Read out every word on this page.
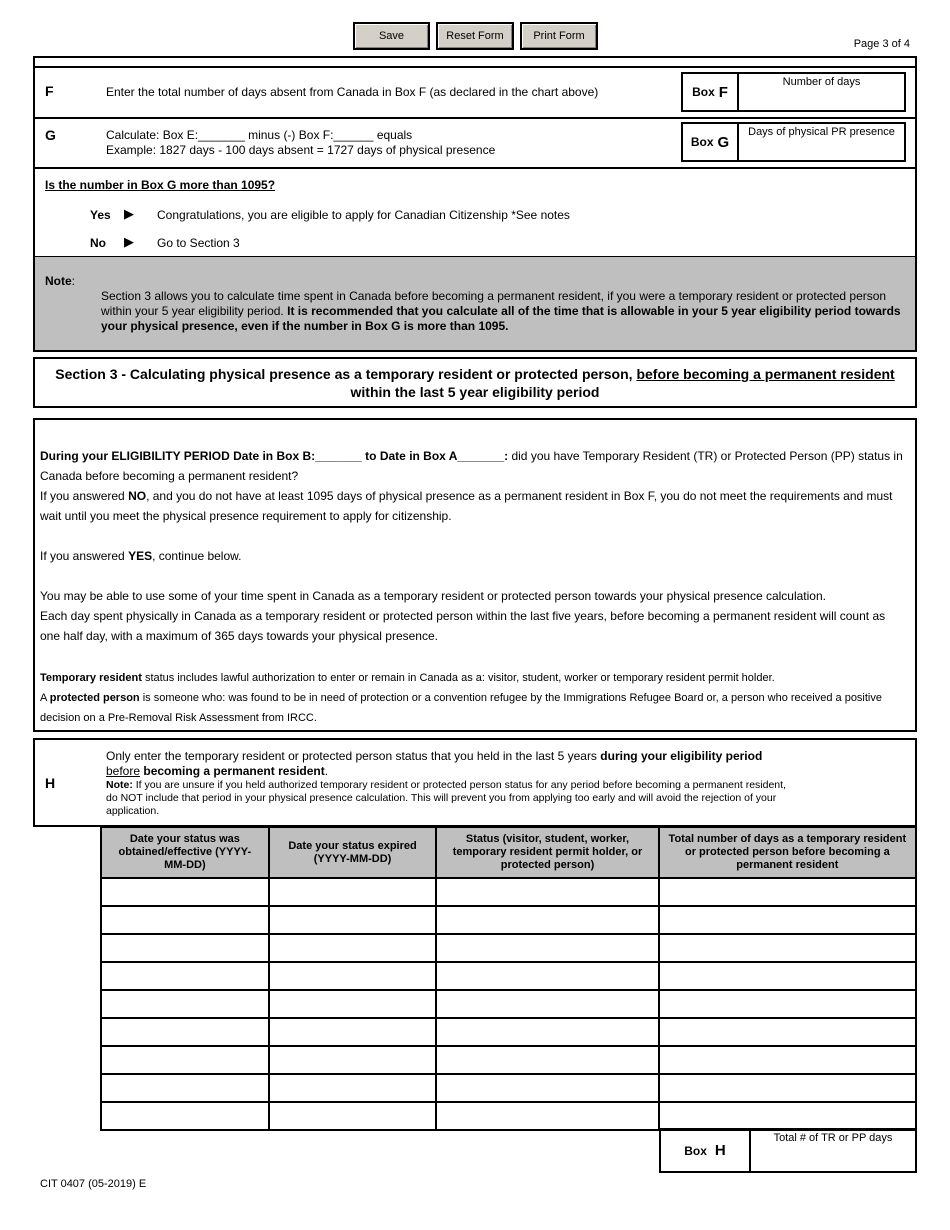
Save	Reset Form	Print Form
Page 3 of 4
F	Enter the total number of days absent from Canada in Box F (as declared in the chart above)	Box F
Number of days
G	Calculate: Box E:_______ minus (-) Box F:______ equals
Example: 1827 days - 100 days absent = 1727 days of physical presence
Box G
Days of physical PR presence
Is the number in Box G more than 1095?
Yes ▶ Congratulations, you are eligible to apply for Canadian Citizenship *See notes
No ▶ Go to Section 3
Note:
Section 3 allows you to calculate time spent in Canada before becoming a permanent resident, if you were a temporary resident or protected person within your 5 year eligibility period. It is recommended that you calculate all of the time that is allowable in your 5 year eligibility period towards your physical presence, even if the number in Box G is more than 1095.
Section 3 - Calculating physical presence as a temporary resident or protected person, before becoming a permanent resident
within the last 5 year eligibility period
During your ELIGIBILITY PERIOD Date in Box B:_______ to Date in Box A_______: did you have Temporary Resident (TR) or Protected Person (PP) status in Canada before becoming a permanent resident?
If you answered NO, and you do not have at least 1095 days of physical presence as a permanent resident in Box F, you do not meet the requirements and must wait until you meet the physical presence requirement to apply for citizenship.
If you answered YES, continue below.
You may be able to use some of your time spent in Canada as a temporary resident or protected person towards your physical presence calculation.
Each day spent physically in Canada as a temporary resident or protected person within the last five years, before becoming a permanent resident will count as one half day, with a maximum of 365 days towards your physical presence.
Temporary resident status includes lawful authorization to enter or remain in Canada as a: visitor, student, worker or temporary resident permit holder.
A protected person is someone who: was found to be in need of protection or a convention refugee by the Immigrations Refugee Board or, a person who received a positive decision on a Pre-Removal Risk Assessment from IRCC.
H
Only enter the temporary resident or protected person status that you held in the last 5 years during your eligibility period
before becoming a permanent resident.
Note: If you are unsure if you held authorized temporary resident or protected person status for any period before becoming a permanent resident, do NOT include that period in your physical presence calculation. This will prevent you from applying too early and will avoid the rejection of your application.
Date your status was obtained/effective (YYYY-MM-DD)	Date your status expired (YYYY-MM-DD)	Status (visitor, student, worker, temporary resident permit holder, or protected person)	Total number of days as a temporary resident or protected person before becoming a permanent resident

Box H
Total # of TR or PP days
CIT 0407 (05-2019) E
